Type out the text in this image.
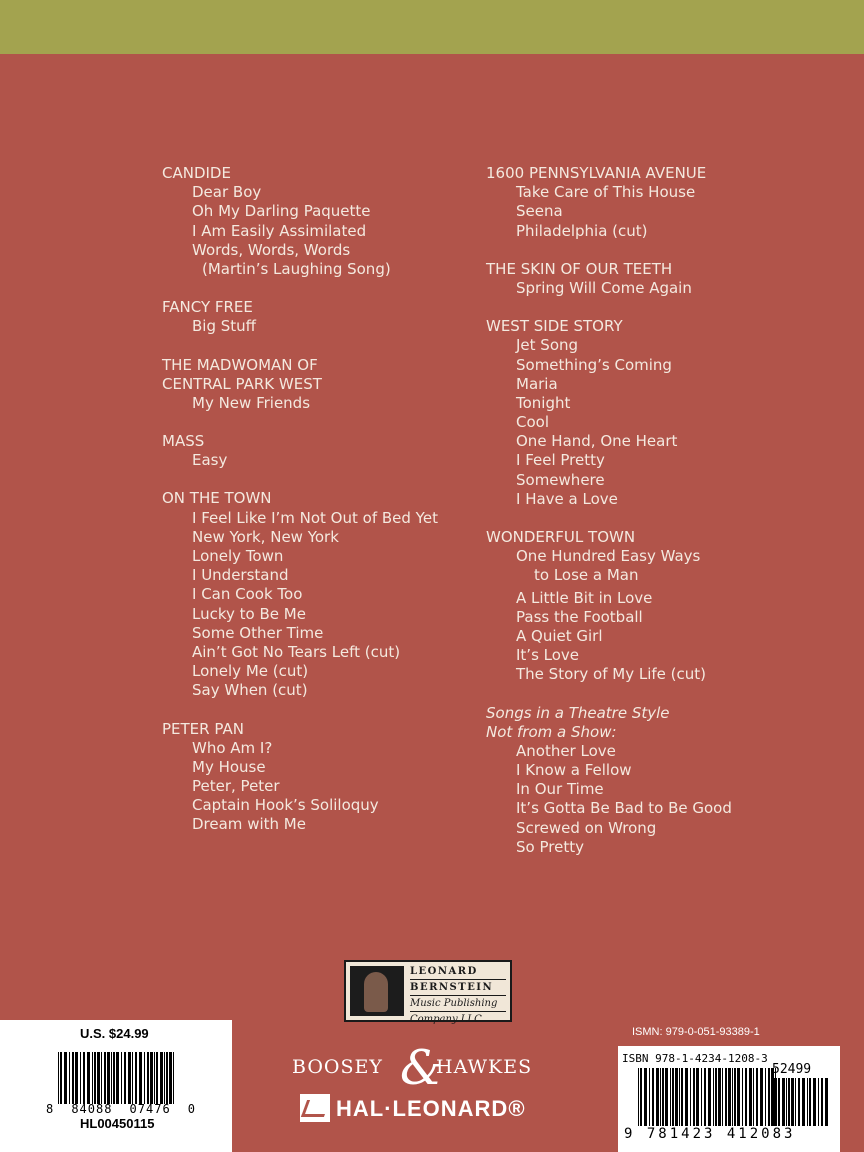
CANDIDE
Dear Boy
Oh My Darling Paquette
I Am Easily Assimilated
Words, Words, Words
(Martin’s Laughing Song)
FANCY FREE
Big Stuff
THE MADWOMAN OF
CENTRAL PARK WEST
My New Friends
MASS
Easy
ON THE TOWN
I Feel Like I’m Not Out of Bed Yet
New York, New York
Lonely Town
I Understand
I Can Cook Too
Lucky to Be Me
Some Other Time
Ain’t Got No Tears Left (cut)
Lonely Me (cut)
Say When (cut)
PETER PAN
Who Am I?
My House
Peter, Peter
Captain Hook’s Soliloquy
Dream with Me
1600 PENNSYLVANIA AVENUE
Take Care of This House
Seena
Philadelphia (cut)
THE SKIN OF OUR TEETH
Spring Will Come Again
WEST SIDE STORY
Jet Song
Something’s Coming
Maria
Tonight
Cool
One Hand, One Heart
I Feel Pretty
Somewhere
I Have a Love
WONDERFUL TOWN
One Hundred Easy Ways
to Lose a Man
A Little Bit in Love
Pass the Football
A Quiet Girl
It’s Love
The Story of My Life (cut)
Songs in a Theatre Style
Not from a Show:
Another Love
I Know a Fellow
In Our Time
It’s Gotta Be Bad to Be Good
Screwed on Wrong
So Pretty
LEONARD
BERNSTEIN
Music Publishing
Company LLC
BOOSEY &
HAWKES
HAL·LEONARD®
U.S. $24.99
8 84088 07476 0
HL00450115
ISMN: 979-0-051-93389-1
ISBN 978-1-4234-1208-3
52499
9 781423 412083
